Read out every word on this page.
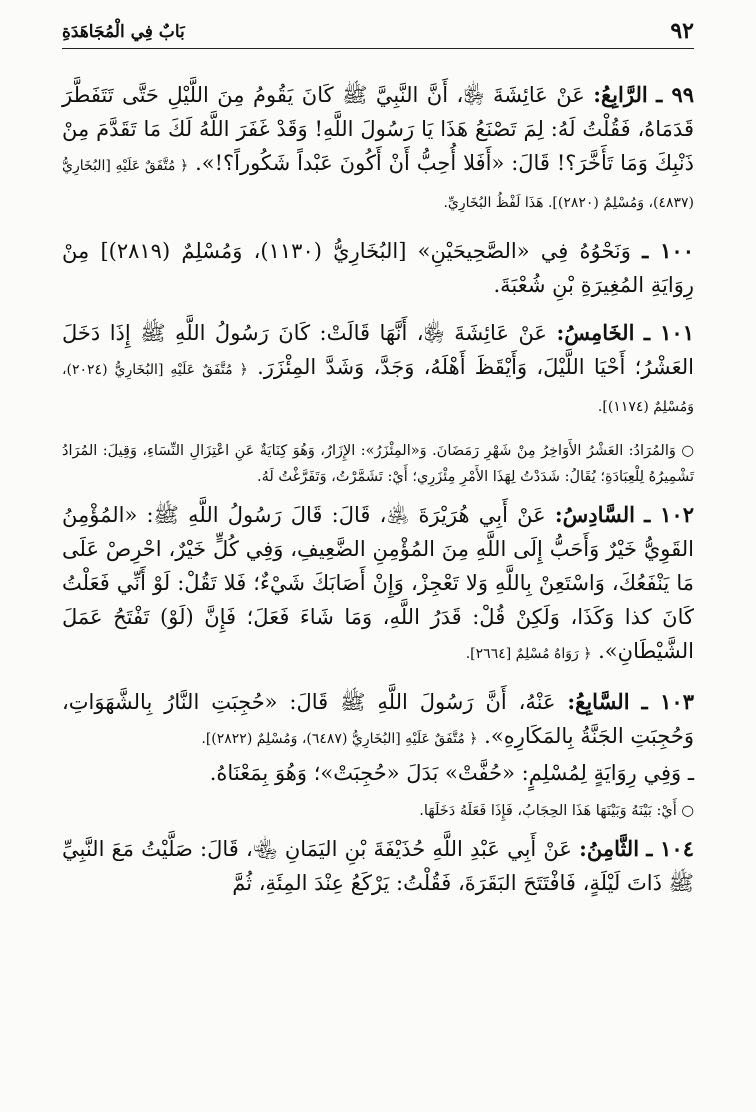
٩٢
بَابٌ فِي الْمُجَاهَدَةِ

٩٩ ـ الرَّابِعُ: عَنْ عَائِشَةَ ﵂، أَنَّ النَّبِيَّ ﷺ كَانَ يَقُومُ مِنَ اللَّيْلِ حَتَّى تَتَفَطَّرَ قَدَمَاهُ، فَقُلْتُ لَهُ: لِمَ تَصْنَعُ هَذَا يَا رَسُولَ اللَّهِ! وَقَدْ غَفَرَ اللَّهُ لَكَ مَا تَقَدَّمَ مِنْ ذَنْبِكَ وَمَا تَأَخَّرَ؟! قَالَ: «أَفَلا أُحِبُّ أَنْ أَكُونَ عَبْداً شَكُوراً؟!». ﴿ مُتَّفَقٌ عَلَيْهِ [البُخَارِيُّ (٤٨٣٧)، وَمُسْلِمٌ (٢٨٢٠)]. هَذَا لَفْظُ البُخَارِيِّ.

١٠٠ ـ وَنَحْوُهُ فِي «الصَّحِيحَيْنِ» [البُخَارِيُّ (١١٣٠)، وَمُسْلِمٌ (٢٨١٩)] مِنْ رِوَايَةِ المُغِيرَةِ بْنِ شُعْبَةَ.

١٠١ ـ الخَامِسُ: عَنْ عَائِشَةَ ﵂، أَنَّهَا قَالَتْ: كَانَ رَسُولُ اللَّهِ ﷺ إِذَا دَخَلَ العَشْرُ؛ أَحْيَا اللَّيْلَ، وَأَيْقَظَ أَهْلَهُ، وَجَدَّ، وَشَدَّ المِئْزَرَ. ﴿ مُتَّفَقٌ عَلَيْهِ [البُخَارِيُّ (٢٠٢٤)، وَمُسْلِمٌ (١١٧٤)].

○ وَالمُرَادُ: العَشْرُ الأَوَاخِرُ مِنْ شَهْرِ رَمَضَانَ. وَ«المِئْزَرُ»: الإِزَارُ، وَهُوَ كِنَايَةٌ عَنِ اعْتِزَالِ النِّسَاءِ، وَقِيلَ: المُرَادُ تَشْمِيرُهُ لِلْعِبَادَةِ؛ يُقَالُ: شَدَدْتُ لِهَذَا الأَمْرِ مِئْزَرِي؛ أَيْ: تَشَمَّرْتُ، وَتَفَرَّغْتُ لَهُ.

١٠٢ ـ السَّادِسُ: عَنْ أَبِي هُرَيْرَةَ ﵁، قَالَ: قَالَ رَسُولُ اللَّهِ ﷺ: «المُؤْمِنُ القَوِيُّ خَيْرٌ وَأَحَبُّ إِلَى اللَّهِ مِنَ المُؤْمِنِ الضَّعِيفِ، وَفِي كُلٍّ خَيْرٌ، احْرِصْ عَلَى مَا يَنْفَعُكَ، وَاسْتَعِنْ بِاللَّهِ وَلا تَعْجِزْ، وَإِنْ أَصَابَكَ شَيْءٌ؛ فَلا تَقُلْ: لَوْ أَنِّي فَعَلْتُ كَانَ كذا وَكَذَا، وَلَكِنْ قُلْ: قَدَرُ اللَّهِ، وَمَا شَاءَ فَعَلَ؛ فَإِنَّ (لَوْ) تَفْتَحُ عَمَلَ الشَّيْطَانِ». ﴿ رَوَاهُ مُسْلِمٌ [٢٦٦٤].

١٠٣ ـ السَّابِعُ: عَنْهُ، أَنَّ رَسُولَ اللَّهِ ﷺ قَالَ: «حُجِبَتِ النَّارُ بِالشَّهَوَاتِ، وَحُجِبَتِ الجَنَّةُ بِالمَكَارِهِ». ﴿ مُتَّفَقٌ عَلَيْهِ [البُخَارِيُّ (٦٤٨٧)، وَمُسْلِمٌ (٢٨٢٢)].

ـ وَفِي رِوَايَةٍ لِمُسْلِمٍ: «حُفَّتْ» بَدَلَ «حُجِبَتْ»؛ وَهُوَ بِمَعْنَاهُ.

○ أَيْ: بَيْنَهُ وَبَيْنَهَا هَذَا الحِجَابُ، فَإِذَا فَعَلَهُ دَخَلَهَا.

١٠٤ ـ الثَّامِنُ: عَنْ أَبِي عَبْدِ اللَّهِ حُذَيْفَةَ بْنِ اليَمَانِ ﵄، قَالَ: صَلَّيْتُ مَعَ النَّبِيِّ ﷺ ذَاتَ لَيْلَةٍ، فَافْتَتَحَ البَقَرَةَ، فَقُلْتُ: يَرْكَعُ عِنْدَ المِئَةِ، ثُمَّ
